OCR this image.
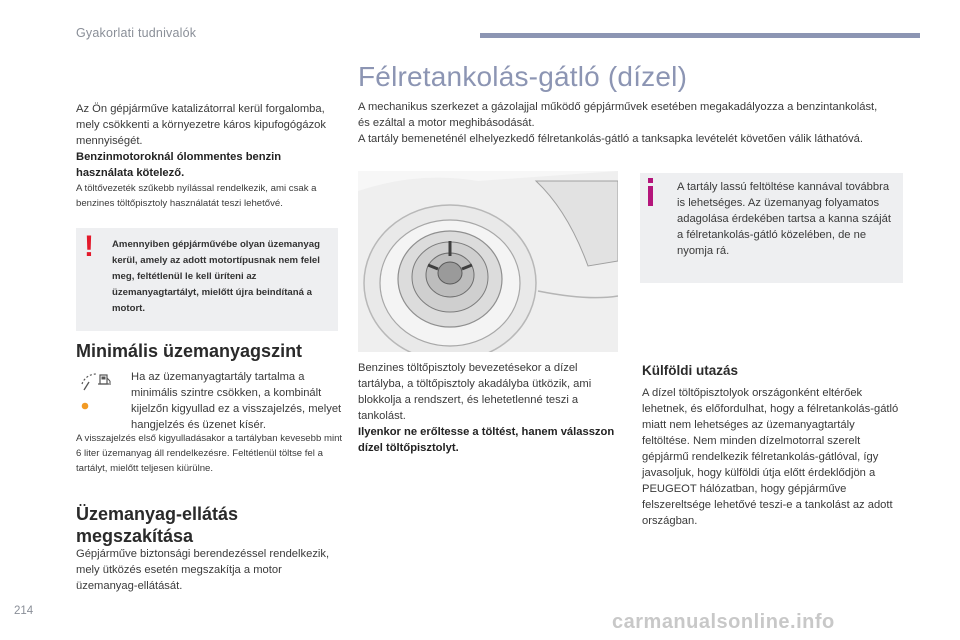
Gyakorlati tudnivalók

Az Ön gépjárműve katalizátorral kerül forgalomba, mely csökkenti a környezetre káros kipufogógázok mennyiségét.

Benzinmotoroknál ólommentes benzin használata kötelező.

A töltővezeték szűkebb nyílással rendelkezik, ami csak a benzines töltőpisztoly használatát teszi lehetővé.

! Amennyiben gépjárművébe olyan üzemanyag kerül, amely az adott motortípusnak nem felel meg, feltétlenül le kell üríteni az üzemanyagtartályt, mielőtt újra beindítaná a motort.

Minimális üzemanyagszint

Ha az üzemanyagtartály tartalma a minimális szintre csökken, a kombinált kijelzőn kigyullad ez a visszajelzés, melyet hangjelzés és üzenet kísér.

A visszajelzés első kigyulladásakor a tartályban kevesebb mint 6 liter üzemanyag áll rendelkezésre. Feltétlenül töltse fel a tartályt, mielőtt teljesen kiürülne.

Üzemanyag-ellátás megszakítása

Gépjárműve biztonsági berendezéssel rendelkezik, mely ütközés esetén megszakítja a motor üzemanyag-ellátását.

Félretankolás-gátló (dízel)

A mechanikus szerkezet a gázolajjal működő gépjárművek esetében megakadályozza a benzintankolást, és ezáltal a motor meghibásodását.

A tartály bemeneténél elhelyezkedő félretankolás-gátló a tanksapka levételét követően válik láthatóvá.

A tartály lassú feltöltése kannával továbbra is lehetséges. Az üzemanyag folyamatos adagolása érdekében tartsa a kanna száját a félretankolás-gátló közelében, de ne nyomja rá.

Benzines töltőpisztoly bevezetésekor a dízel tartályba, a töltőpisztoly akadályba ütközik, ami blokkolja a rendszert, és lehetetlenné teszi a tankolást.

Ilyenkor ne erőltesse a töltést, hanem válasszon dízel töltőpisztolyt.

Külföldi utazás

A dízel töltőpisztolyok országonként eltérőek lehetnek, és előfordulhat, hogy a félretankolás-gátló miatt nem lehetséges az üzemanyagtartály feltöltése. Nem minden dízelmotorral szerelt gépjármű rendelkezik félretankolás-gátlóval, így javasoljuk, hogy külföldi útja előtt érdeklődjön a PEUGEOT hálózatban, hogy gépjárműve felszereltsége lehetővé teszi-e a tankolást az adott országban.

214	carmanualsonline.info
